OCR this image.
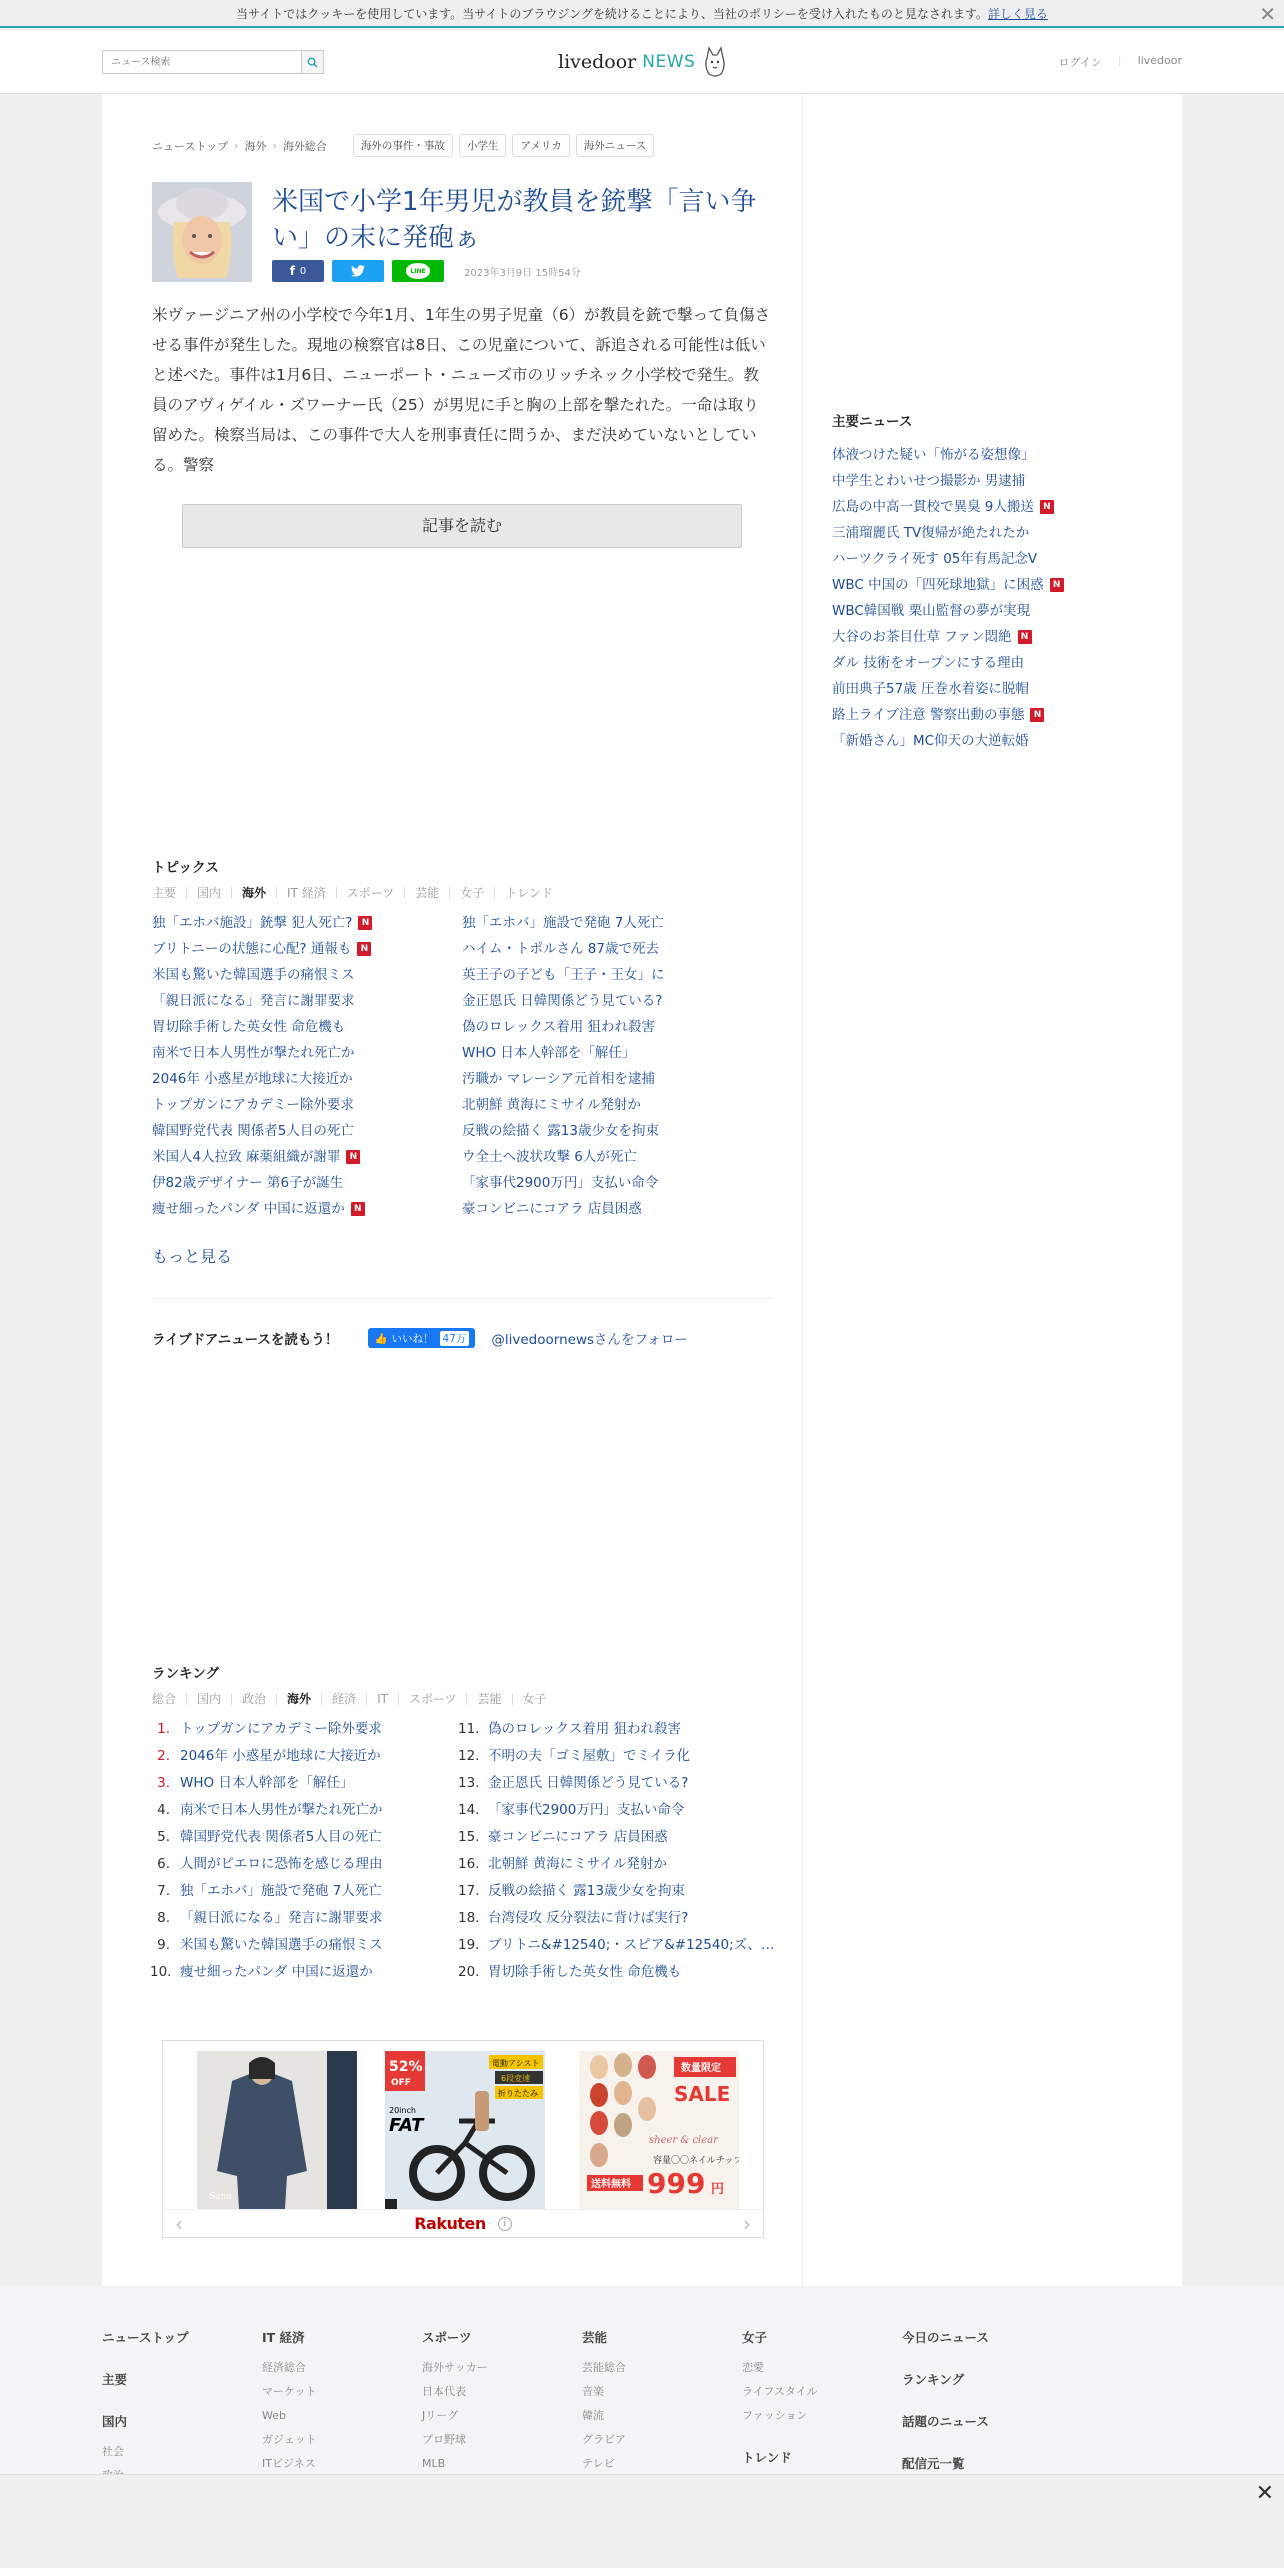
当サイトではクッキーを使用しています。当サイトのブラウジングを続けることにより、当社のポリシーを受け入れたものと見なされます。詳しく見る	✕
ニュース検索
livedoor NEWS	ログイン | livedoor
ニューストップ › 海外 › 海外総合	海外の事件・事故	小学生	アメリカ	海外ニュース
米国で小学1年男児が教員を銃撃「言い争い」の末に発砲ぁ
f 0	LINE	2023年3月9日 15時54分
米ヴァージニア州の小学校で今年1月、1年生の男子児童（6）が教員を銃で撃って負傷させる事件が発生した。現地の検察官は8日、この児童について、訴追される可能性は低いと述べた。事件は1月6日、ニューポート・ニューズ市のリッチネック小学校で発生。教員のアヴィゲイル・ズワーナー氏（25）が男児に手と胸の上部を撃たれた。一命は取り留めた。検察当局は、この事件で大人を刑事責任に問うか、まだ決めていないとしている。警察
記事を読む
トピックス
主要	国内	海外	IT 経済	スポーツ	芸能	女子	トレンド
独「エホバ施設」銃撃 犯人死亡?	N
ブリトニーの状態に心配? 通報も	N
米国も驚いた韓国選手の痛恨ミス
「親日派になる」発言に謝罪要求
胃切除手術した英女性 命危機も
南米で日本人男性が撃たれ死亡か
2046年 小惑星が地球に大接近か
トップガンにアカデミー除外要求
韓国野党代表 関係者5人目の死亡
米国人4人拉致 麻薬組織が謝罪	N
伊82歳デザイナー 第6子が誕生
痩せ細ったパンダ 中国に返還か	N
独「エホバ」施設で発砲 7人死亡
ハイム・トポルさん 87歳で死去
英王子の子ども「王子・王女」に
金正恩氏 日韓関係どう見ている?
偽のロレックス着用 狙われ殺害
WHO 日本人幹部を「解任」
汚職か マレーシア元首相を逮捕
北朝鮮 黄海にミサイル発射か
反戦の絵描く 露13歳少女を拘束
ウ全土へ波状攻撃 6人が死亡
「家事代2900万円」支払い命令
豪コンビニにコアラ 店員困惑
もっと見る
ライブドアニュースを読もう！	👍 いいね！ 47万 @livedoornewsさんをフォロー
ランキング
総合	国内	政治	海外	経済	IT	スポーツ	芸能	女子
1. トップガンにアカデミー除外要求
2. 2046年 小惑星が地球に大接近か
3. WHO 日本人幹部を「解任」
4. 南米で日本人男性が撃たれ死亡か
5. 韓国野党代表 関係者5人目の死亡
6. 人間がピエロに恐怖を感じる理由
7. 独「エホバ」施設で発砲 7人死亡
8. 「親日派になる」発言に謝罪要求
9. 米国も驚いた韓国選手の痛恨ミス
10. 痩せ細ったパンダ 中国に返還か
11. 偽のロレックス着用 狙われ殺害
12. 不明の夫「ゴミ屋敷」でミイラ化
13. 金正恩氏 日韓関係どう見ている?
14. 「家事代2900万円」支払い命令
15. 豪コンビニにコアラ 店員困惑
16. 北朝鮮 黄海にミサイル発射か
17. 反戦の絵描く 露13歳少女を拘束
18. 台湾侵攻 反分裂法に背けば実行?
19. ブリトニ&#12540;・スピア&#12540;ズ、…
20. 胃切除手術した英女性 命危機も
Sana
52%
OFF
電動アシスト
6段変速
折りたたみ
20inch
FAT
数量限定
SALE
sheer & clear
容量〇〇ネイルチップ
送料無料 999 円
‹	Rakuten	i	›
主要ニュース
体液つけた疑い「怖がる姿想像」
中学生とわいせつ撮影か 男逮捕
広島の中高一貫校で異臭 9人搬送	N
三浦瑠麗氏 TV復帰が絶たれたか
ハーツクライ死す 05年有馬記念V
WBC 中国の「四死球地獄」に困惑	N
WBC韓国戦 栗山監督の夢が実現
大谷のお茶目仕草 ファン悶絶	N
ダル 技術をオープンにする理由
前田典子57歳 圧巻水着姿に脱帽
路上ライブ注意 警察出動の事態	N
「新婚さん」MC仰天の大逆転婚
ニューストップ
主要
国内
社会
IT 経済
経済総合
マーケット
Web
ガジェット
ITビジネス
スポーツ
海外サッカー
日本代表
Jリーグ
プロ野球
MLB
芸能
芸能総合
音楽
韓流
グラビア
テレビ
女子
恋愛
ライフスタイル
ファッション
トレンド
今日のニュース
ランキング
話題のニュース
配信元一覧
✕
